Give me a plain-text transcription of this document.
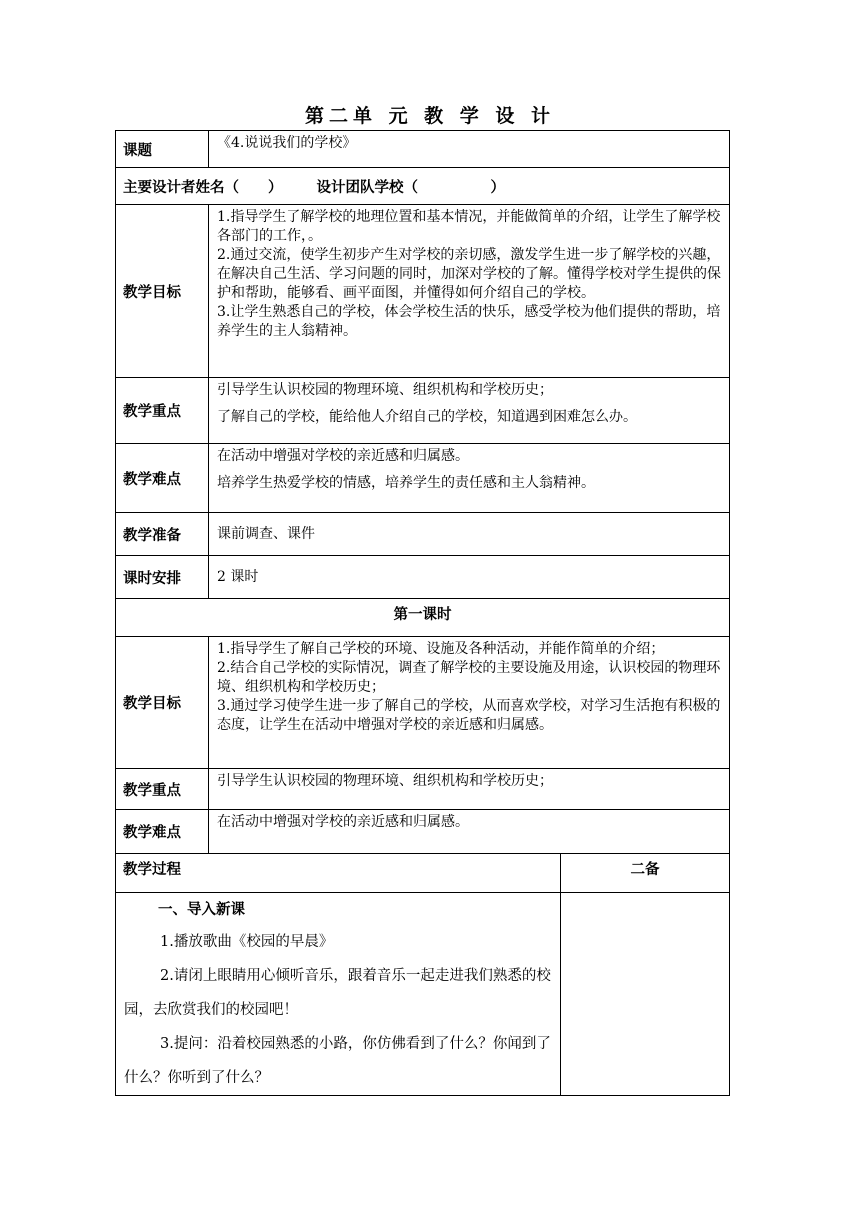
第二单 元 教 学 设 计
课题	《4.说说我们的学校》	
主要设计者姓名（　　） 设计团队学校（　　　　　）		
教学目标	1.指导学生了解学校的地理位置和基本情况，并能做简单的介绍，让学生了解学校各部门的工作，。

2.通过交流，使学生初步产生对学校的亲切感，激发学生进一步了解学校的兴趣，在解决自己生活、学习问题的同时，加深对学校的了解。懂得学校对学生提供的保护和帮助，能够看、画平面图，并懂得如何介绍自己的学校。

3.让学生熟悉自己的学校，体会学校生活的快乐，感受学校为他们提供的帮助，培养学生的主人翁精神。	

教学重点	引导学生认识校园的物理环境、组织机构和学校历史；

了解自己的学校，能给他人介绍自己的学校，知道遇到困难怎么办。	

教学难点	在活动中增强对学校的亲近感和归属感。

培养学生热爱学校的情感，培养学生的责任感和主人翁精神。	

教学准备	课前调查、课件	
课时安排	2 课时	
第一课时		
教学目标	1.指导学生了解自己学校的环境、设施及各种活动，并能作简单的介绍；

2.结合自己学校的实际情况，调查了解学校的主要设施及用途，认识校园的物理环境、组织机构和学校历史；

3.通过学习使学生进一步了解自己的学校，从而喜欢学校，对学习生活抱有积极的态度，让学生在活动中增强对学校的亲近感和归属感。	

教学重点	引导学生认识校园的物理环境、组织机构和学校历史；	
教学难点	在活动中增强对学校的亲近感和归属感。	
教学过程		二备

一、导入新课

1.播放歌曲《校园的早晨》

2.请闭上眼睛用心倾听音乐，跟着音乐一起走进我们熟悉的校园，去欣赏我们的校园吧！

3.提问：沿着校园熟悉的小路，你仿佛看到了什么？你闻到了什么？你听到了什么？		
